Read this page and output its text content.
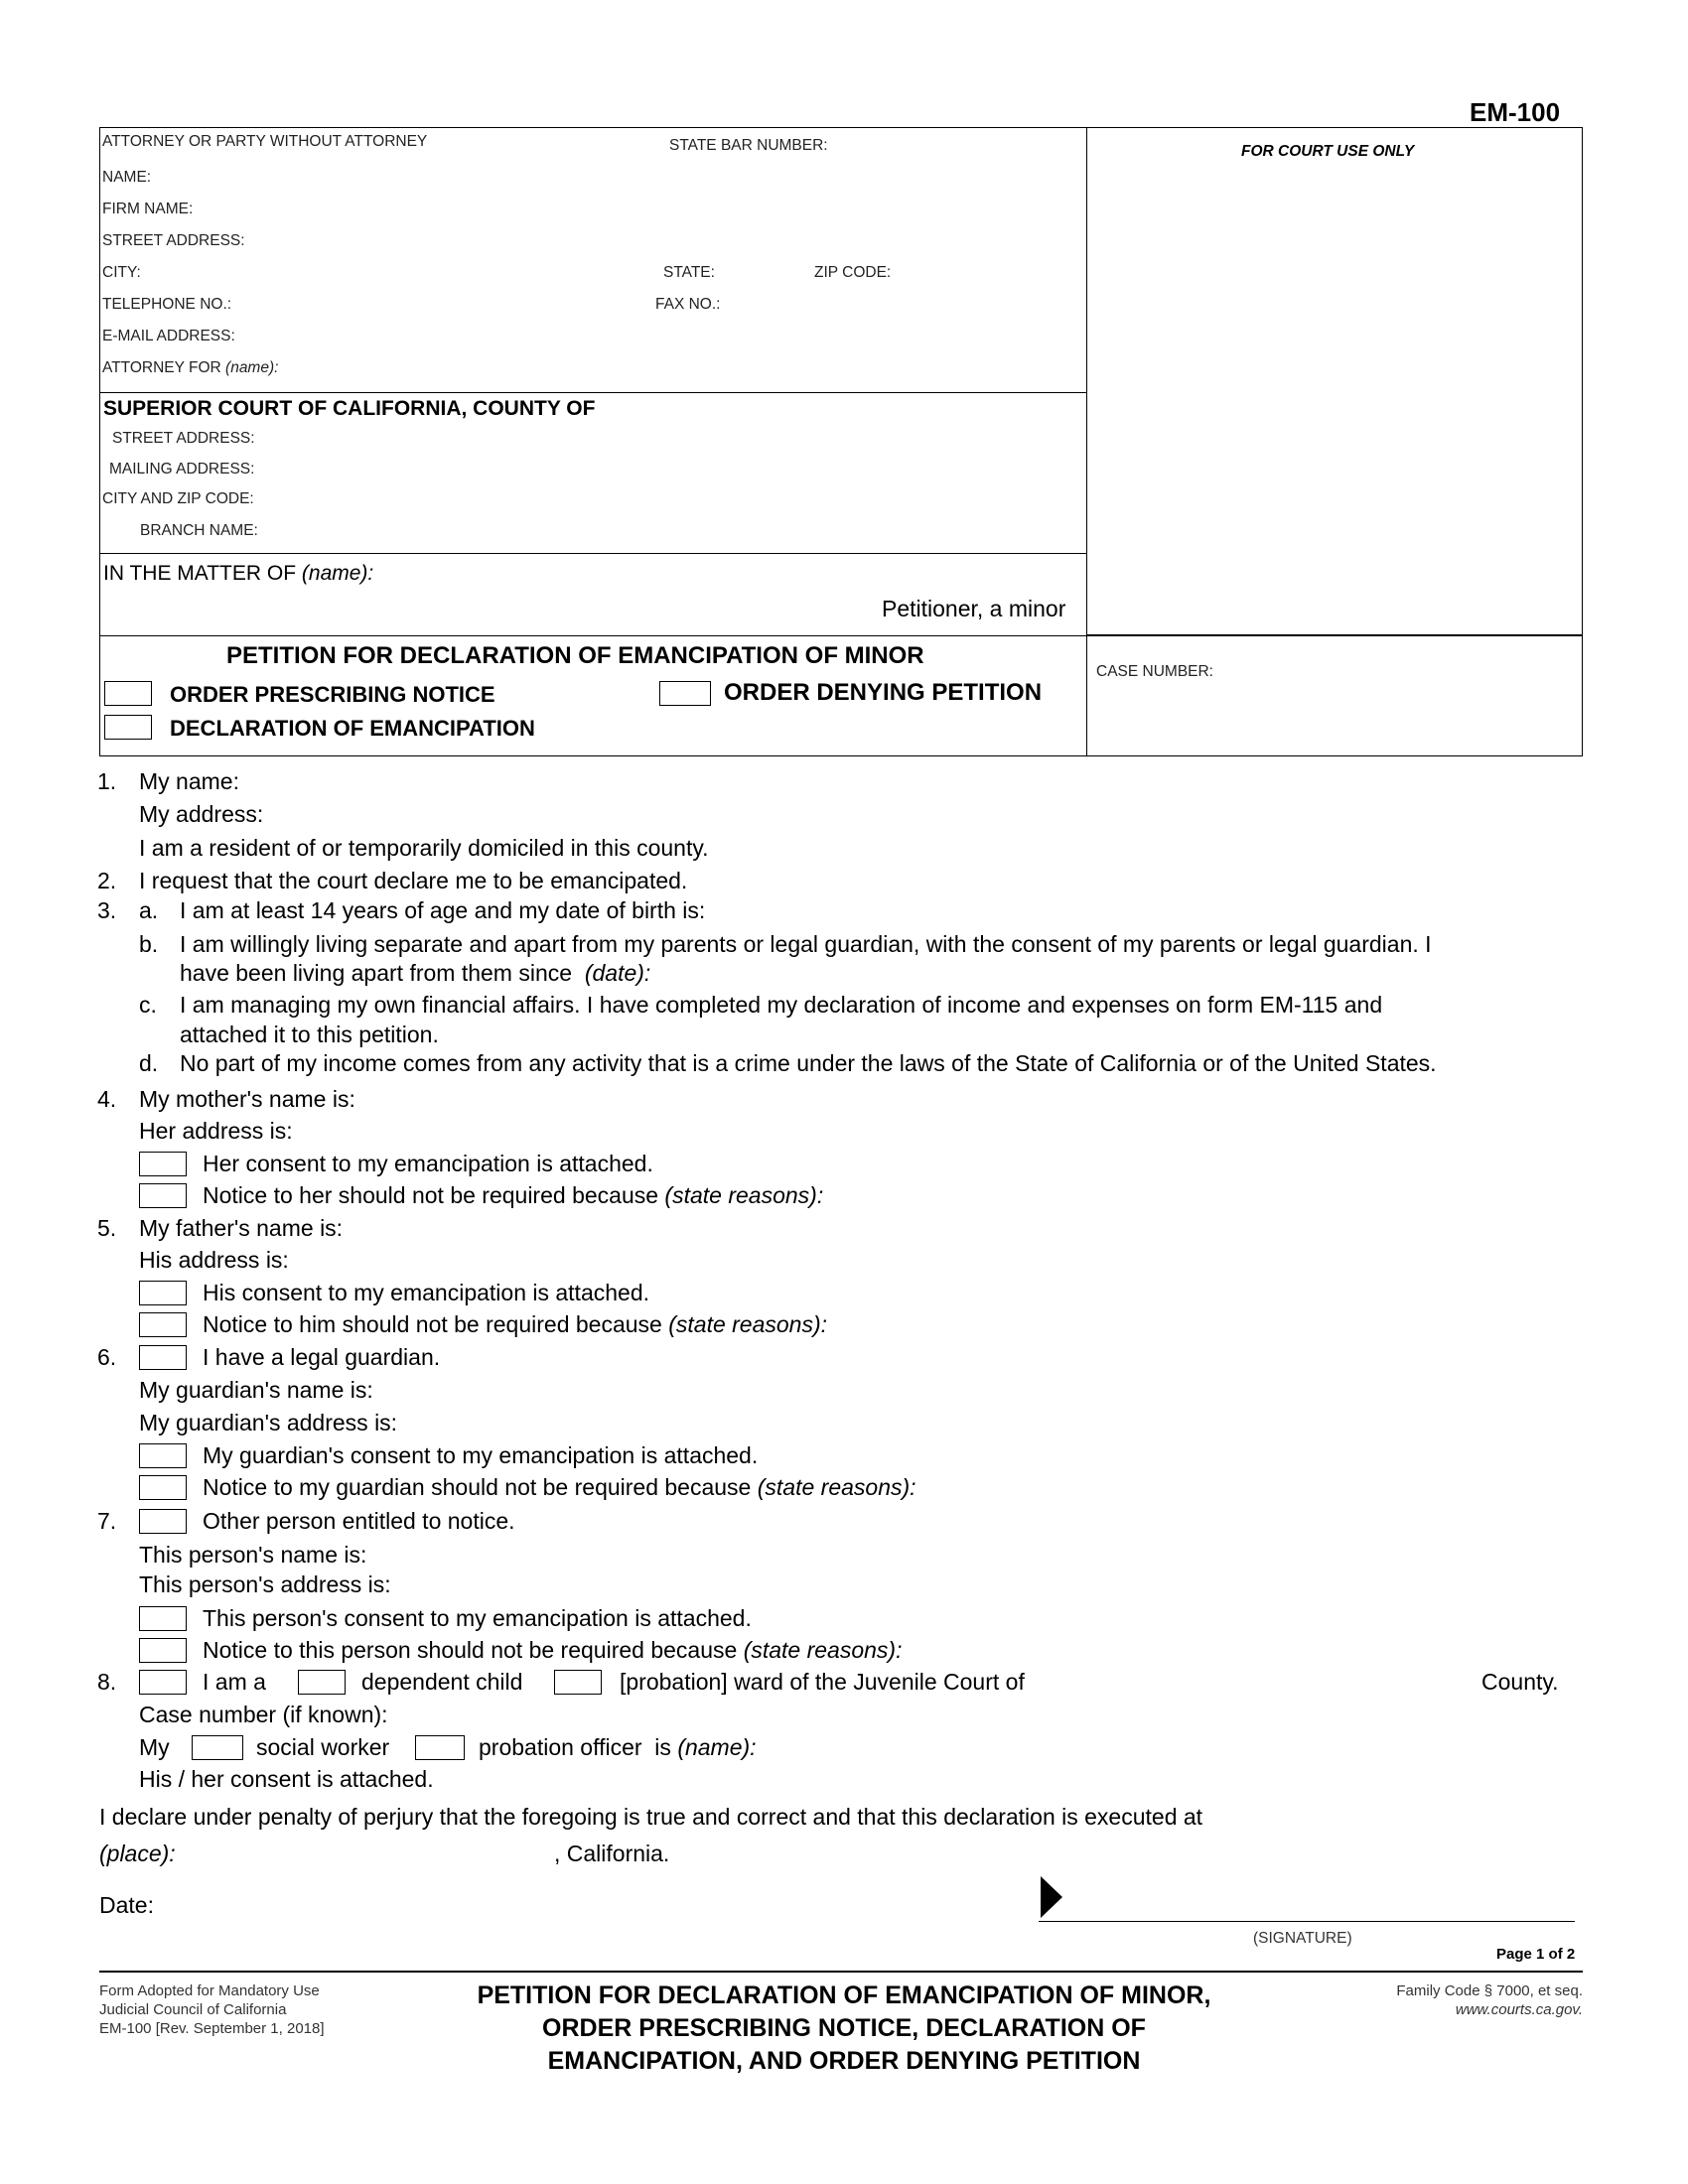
EM-100
ATTORNEY OR PARTY WITHOUT ATTORNEY	STATE BAR NUMBER:
NAME:
FIRM NAME:
STREET ADDRESS:
CITY:	STATE:	ZIP CODE:
TELEPHONE NO.:	FAX NO.:
E-MAIL ADDRESS:
ATTORNEY FOR (name):
FOR COURT USE ONLY
SUPERIOR COURT OF CALIFORNIA, COUNTY OF
STREET ADDRESS:
MAILING ADDRESS:
CITY AND ZIP CODE:
BRANCH NAME:
IN THE MATTER OF (name):
Petitioner, a minor
PETITION FOR DECLARATION OF EMANCIPATION OF MINOR
ORDER PRESCRIBING NOTICE	ORDER DENYING PETITION
DECLARATION OF EMANCIPATION
CASE NUMBER:
1. My name:
My address:
I am a resident of or temporarily domiciled in this county.
2. I request that the court declare me to be emancipated.
3. a. I am at least 14 years of age and my date of birth is:
b. I am willingly living separate and apart from my parents or legal guardian, with the consent of my parents or legal guardian. I
have been living apart from them since (date):
c. I am managing my own financial affairs. I have completed my declaration of income and expenses on form EM-115 and
attached it to this petition.
d. No part of my income comes from any activity that is a crime under the laws of the State of California or of the United States.
4. My mother's name is:
Her address is:
Her consent to my emancipation is attached.
Notice to her should not be required because (state reasons):
5. My father's name is:
His address is:
His consent to my emancipation is attached.
Notice to him should not be required because (state reasons):
6.	I have a legal guardian.
My guardian's name is:
My guardian's address is:
My guardian's consent to my emancipation is attached.
Notice to my guardian should not be required because (state reasons):
7.	Other person entitled to notice.
This person's name is:
This person's address is:
This person's consent to my emancipation is attached.
Notice to this person should not be required because (state reasons):
8.	I am a	dependent child	[probation] ward of the Juvenile Court of	County.
Case number (if known):
My	social worker	probation officer is (name):
His / her consent is attached.
I declare under penalty of perjury that the foregoing is true and correct and that this declaration is executed at
(place):	, California.
Date:
(SIGNATURE)
Page 1 of 2
Form Adopted for Mandatory Use
Judicial Council of California
EM-100 [Rev. September 1, 2018]
PETITION FOR DECLARATION OF EMANCIPATION OF MINOR,
ORDER PRESCRIBING NOTICE, DECLARATION OF
EMANCIPATION, AND ORDER DENYING PETITION
Family Code § 7000, et seq.
www.courts.ca.gov.
